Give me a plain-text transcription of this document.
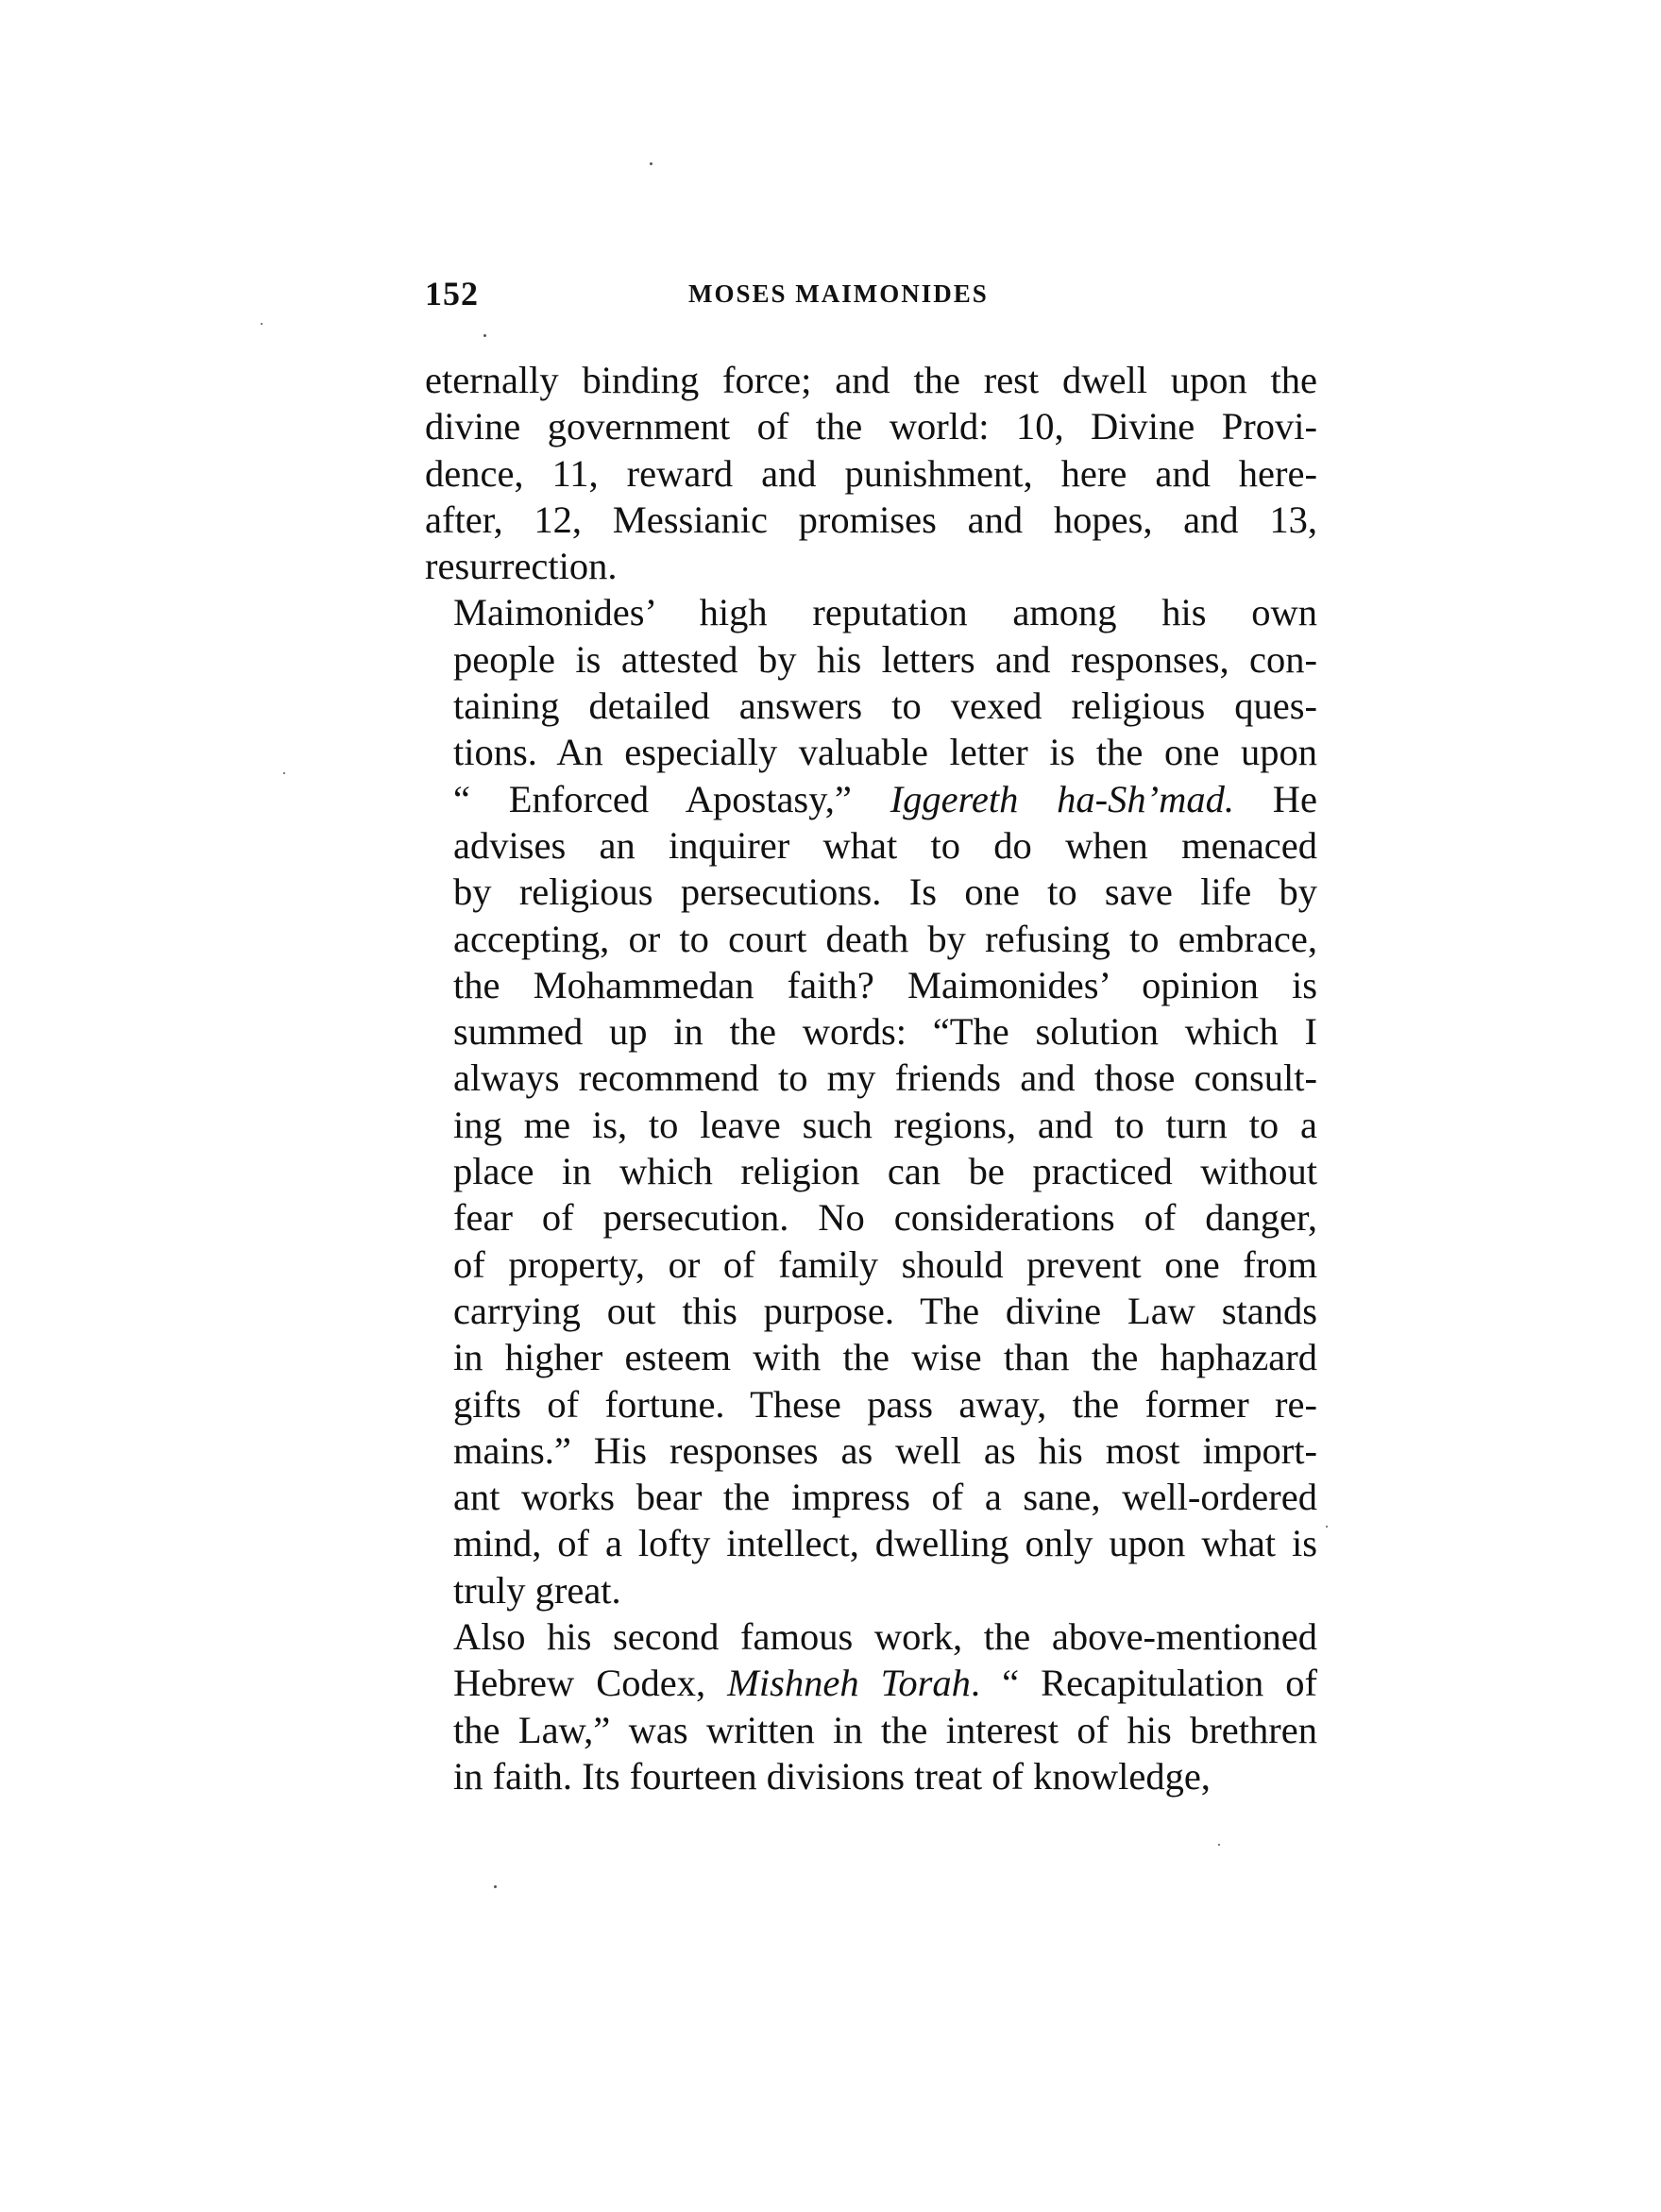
152	MOSES MAIMONIDES
eternally binding force; and the rest dwell upon the
divine government of the world: 10, Divine Provi-
dence, 11, reward and punishment, here and here-
after, 12, Messianic promises and hopes, and 13,
resurrection.
Maimonides’ high reputation among his own
people is attested by his letters and responses, con-
taining detailed answers to vexed religious ques-
tions. An especially valuable letter is the one upon
“ Enforced Apostasy,” Iggereth ha-Sh’mad. He
advises an inquirer what to do when menaced
by religious persecutions. Is one to save life by
accepting, or to court death by refusing to embrace,
the Mohammedan faith? Maimonides’ opinion is
summed up in the words: “The solution which I
always recommend to my friends and those consult-
ing me is, to leave such regions, and to turn to a
place in which religion can be practiced without
fear of persecution. No considerations of danger,
of property, or of family should prevent one from
carrying out this purpose. The divine Law stands
in higher esteem with the wise than the haphazard
gifts of fortune. These pass away, the former re-
mains.” His responses as well as his most import-
ant works bear the impress of a sane, well-ordered
mind, of a lofty intellect, dwelling only upon what is
truly great.
Also his second famous work, the above-mentioned
Hebrew Codex, Mishneh Torah. “ Recapitulation of
the Law,” was written in the interest of his brethren
in faith. Its fourteen divisions treat of knowledge,
